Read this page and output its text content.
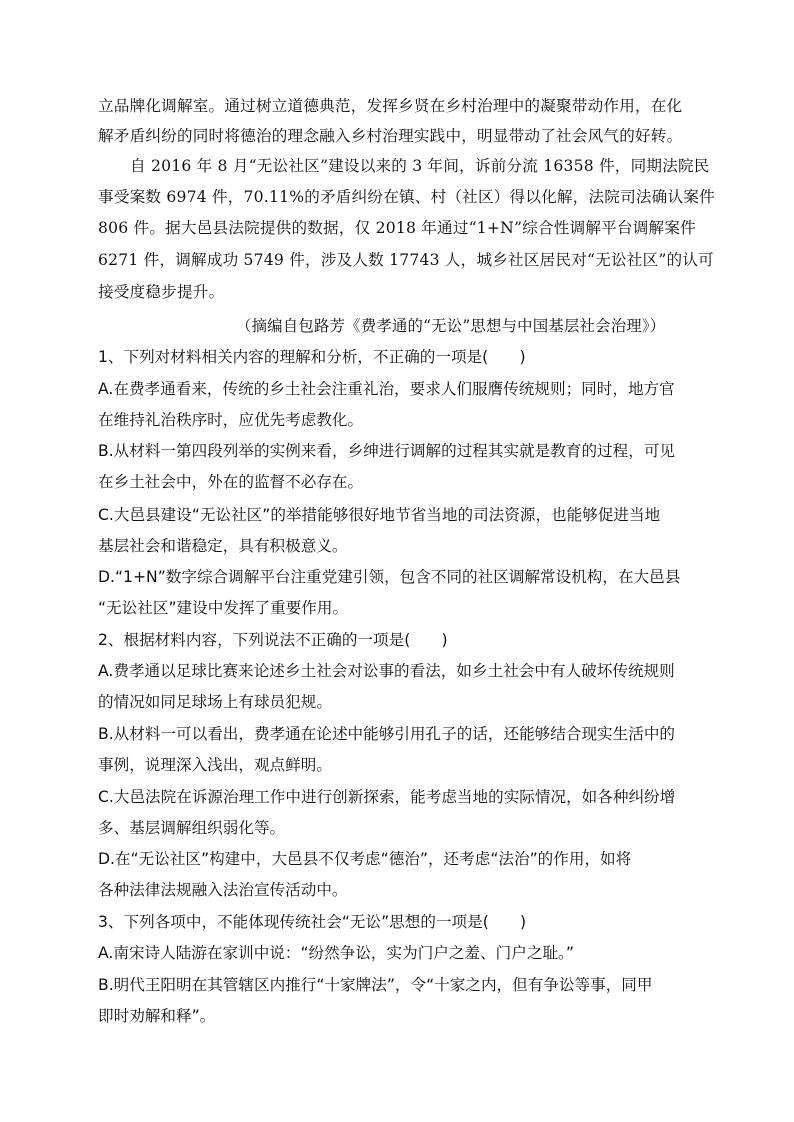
立品牌化调解室。通过树立道德典范，发挥乡贤在乡村治理中的凝聚带动作用，在化
解矛盾纠纷的同时将德治的理念融入乡村治理实践中，明显带动了社会风气的好转。
自 2016 年 8 月“无讼社区”建设以来的 3 年间，诉前分流 16358 件，同期法院民
事受案数 6974 件，70.11%的矛盾纠纷在镇、村（社区）得以化解，法院司法确认案件
806 件。据大邑县法院提供的数据，仅 2018 年通过“1+N”综合性调解平台调解案件
6271 件，调解成功 5749 件，涉及人数 17743 人，城乡社区居民对“无讼社区”的认可
接受度稳步提升。
（摘编自包路芳《费孝通的“无讼”思想与中国基层社会治理》）
1、下列对材料相关内容的理解和分析，不正确的一项是(　　)
A.在费孝通看来，传统的乡土社会注重礼治，要求人们服膺传统规则；同时，地方官
在维持礼治秩序时，应优先考虑教化。
B.从材料一第四段列举的实例来看，乡绅进行调解的过程其实就是教育的过程，可见
在乡土社会中，外在的监督不必存在。
C.大邑县建设“无讼社区”的举措能够很好地节省当地的司法资源，也能够促进当地
基层社会和谐稳定，具有积极意义。
D.“1+N”数字综合调解平台注重党建引领，包含不同的社区调解常设机构，在大邑县
“无讼社区”建设中发挥了重要作用。
2、根据材料内容，下列说法不正确的一项是(　　)
A.费孝通以足球比赛来论述乡土社会对讼事的看法，如乡土社会中有人破坏传统规则
的情况如同足球场上有球员犯规。
B.从材料一可以看出，费孝通在论述中能够引用孔子的话，还能够结合现实生活中的
事例，说理深入浅出，观点鲜明。
C.大邑法院在诉源治理工作中进行创新探索，能考虑当地的实际情况，如各种纠纷增
多、基层调解组织弱化等。
D.在“无讼社区”构建中，大邑县不仅考虑“德治”，还考虑“法治”的作用，如将
各种法律法规融入法治宣传活动中。
3、下列各项中，不能体现传统社会“无讼”思想的一项是(　　)
A.南宋诗人陆游在家训中说：“纷然争讼，实为门户之羞、门户之耻。”
B.明代王阳明在其管辖区内推行“十家牌法”，令“十家之内，但有争讼等事，同甲
即时劝解和释”。
